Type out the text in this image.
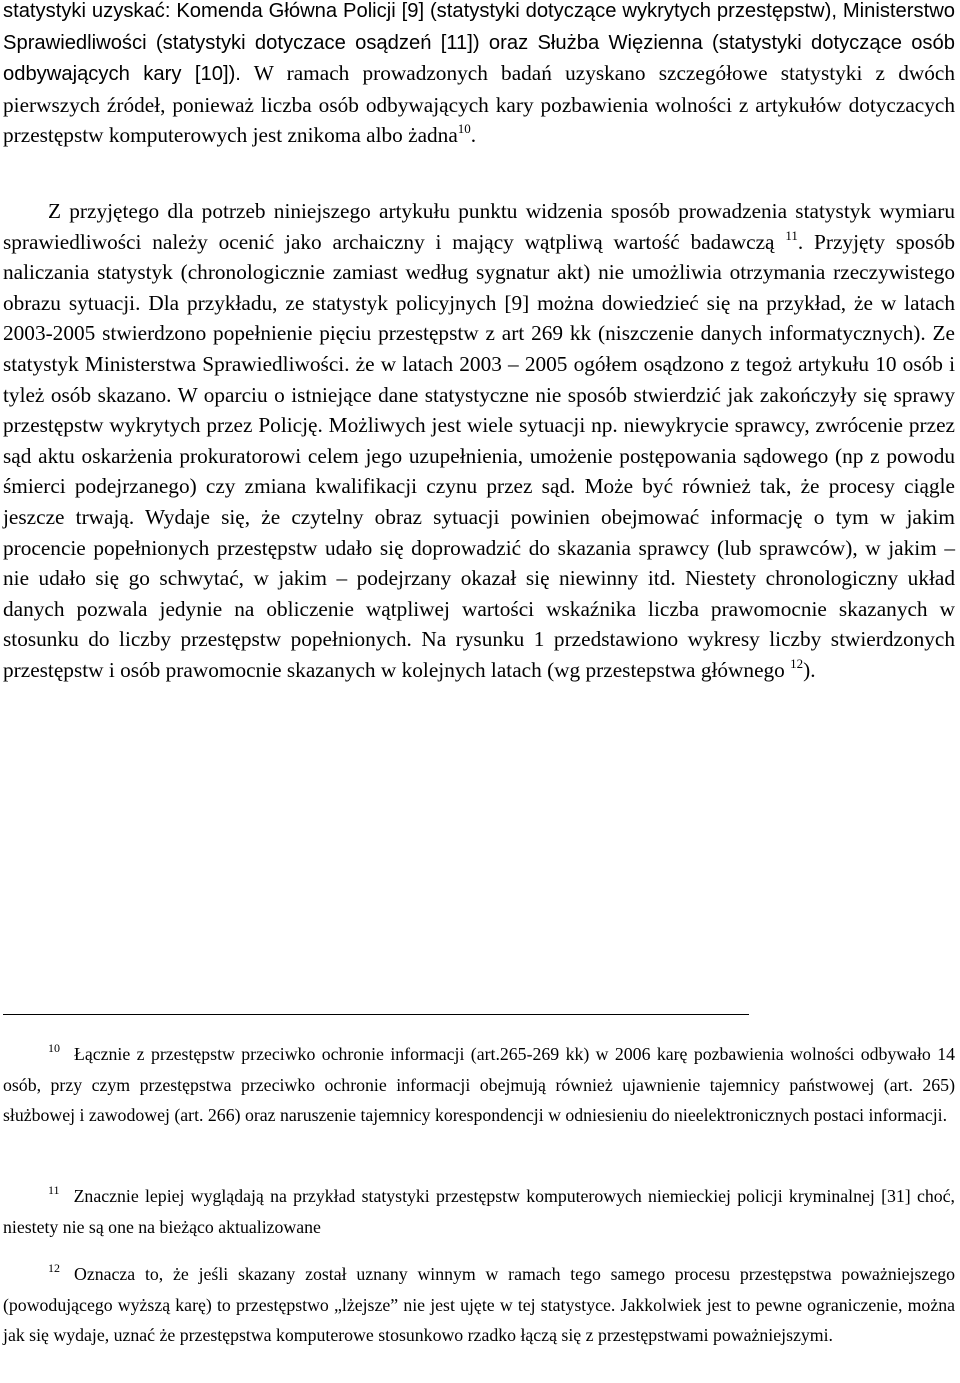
statystyki uzyskać: Komenda Główna Policji [9] (statystyki dotyczące wykrytych przestępstw), Ministerstwo Sprawiedliwości (statystyki dotyczace osądzeń [11]) oraz Służba Więzienna (statystyki dotyczące osób odbywających kary [10]). W ramach prowadzonych badań uzyskano szczegółowe statystyki z dwóch pierwszych źródeł, ponieważ liczba osób odbywających kary pozbawienia wolności z artykułów dotyczacych przestępstw komputerowych jest znikoma albo żadna$^{10}$.

Z przyjętego dla potrzeb niniejszego artykułu punktu widzenia sposób prowadzenia statystyk wymiaru sprawiedliwości należy ocenić jako archaiczny i mający wątpliwą wartość badawczą $^{11}$. Przyjęty sposób naliczania statystyk (chronologicznie zamiast według sygnatur akt) nie umożliwia otrzymania rzeczywistego obrazu sytuacji. Dla przykładu, ze statystyk policyjnych [9] można dowiedzieć się na przykład, że w latach 2003-2005 stwierdzono popełnienie pięciu przestępstw z art 269 kk (niszczenie danych informatycznych). Ze statystyk Ministerstwa Sprawiedliwości. że w latach 2003 – 2005 ogółem osądzono z tegoż artykułu 10 osób i tyleż osób skazano. W oparciu o istniejące dane statystyczne nie sposób stwierdzić jak zakończyły się sprawy przestępstw wykrytych przez Policję. Możliwych jest wiele sytuacji np. niewykrycie sprawcy, zwrócenie przez sąd aktu oskarżenia prokuratorowi celem jego uzupełnienia, umożenie postępowania sądowego (np z powodu śmierci podejrzanego) czy zmiana kwalifikacji czynu przez sąd. Może być również tak, że procesy ciągle jeszcze trwają. Wydaje się, że czytelny obraz sytuacji powinien obejmować informację o tym w jakim procencie popełnionych przestępstw udało się doprowadzić do skazania sprawcy (lub sprawców), w jakim – nie udało się go schwytać, w jakim – podejrzany okazał się niewinny itd. Niestety chronologiczny układ danych pozwala jedynie na obliczenie wątpliwej wartości wskaźnika liczba prawomocnie skazanych w stosunku do liczby przestępstw popełnionych. Na rysunku 1 przedstawiono wykresy liczby stwierdzonych przestępstw i osób prawomocnie skazanych w kolejnych latach (wg przestepstwa głównego $^{12}$).

$^{10}$ Łącznie z przestępstw przeciwko ochronie informacji (art.265-269 kk) w 2006 karę pozbawienia wolności odbywało 14 osób, przy czym przestępstwa przeciwko ochronie informacji obejmują również ujawnienie tajemnicy państwowej (art. 265) służbowej i zawodowej (art. 266) oraz naruszenie tajemnicy korespondencji w odniesieniu do nieelektronicznych postaci informacji.

$^{11}$ Znacznie lepiej wyglądają na przykład statystyki przestępstw komputerowych niemieckiej policji kryminalnej [31] choć, niestety nie są one na bieżąco aktualizowane

$^{12}$ Oznacza to, że jeśli skazany został uznany winnym w ramach tego samego procesu przestępstwa poważniejszego (powodującego wyższą karę) to przestępstwo „lżejsze” nie jest ujęte w tej statystyce. Jakkolwiek jest to pewne ograniczenie, można jak się wydaje, uznać że przestępstwa komputerowe stosunkowo rzadko łączą się z przestępstwami poważniejszymi.
